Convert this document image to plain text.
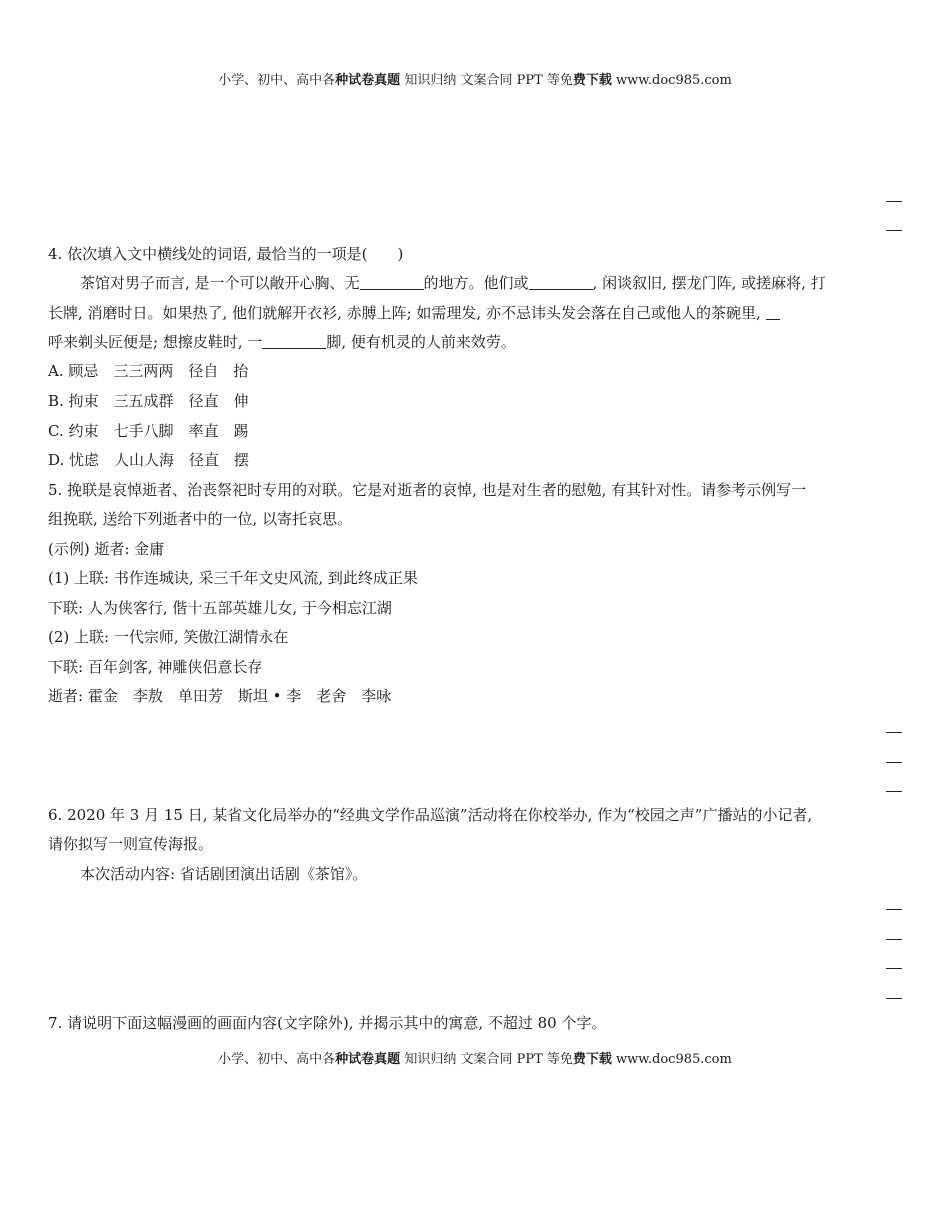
小学、初中、高中各种试卷真题 知识归纳 文案合同 PPT 等免费下载 www.doc985.com
4. 依次填入文中横线处的词语, 最恰当的一项是(　　)
茶馆对男子而言, 是一个可以敞开心胸、无	的地方。他们或	, 闲谈叙旧, 摆龙门阵, 或搓麻将, 打
长牌, 消磨时日。如果热了, 他们就解开衣衫, 赤膊上阵; 如需理发, 亦不忌讳头发会落在自己或他人的茶碗里,
呼来剃头匠便是; 想擦皮鞋时, 一	脚, 便有机灵的人前来效劳。
A. 顾忌　三三两两　径自　抬
B. 拘束　三五成群　径直　伸
C. 约束　七手八脚　率直　踢
D. 忧虑　人山人海　径直　摆
5. 挽联是哀悼逝者、治丧祭祀时专用的对联。它是对逝者的哀悼, 也是对生者的慰勉, 有其针对性。请参考示例写一
组挽联, 送给下列逝者中的一位, 以寄托哀思。
(示例) 逝者: 金庸
(1) 上联: 书作连城诀, 采三千年文史风流, 到此终成正果
下联: 人为侠客行, 偕十五部英雄儿女, 于今相忘江湖
(2) 上联: 一代宗师, 笑傲江湖情永在
下联: 百年剑客, 神雕侠侣意长存
逝者: 霍金　李敖　单田芳　斯坦 • 李　老舍　李咏
6. 2020 年 3 月 15 日, 某省文化局举办的“经典文学作品巡演”活动将在你校举办, 作为“校园之声”广播站的小记者,
请你拟写一则宣传海报。
本次活动内容: 省话剧团演出话剧《茶馆》。
7. 请说明下面这幅漫画的画面内容(文字除外), 并揭示其中的寓意, 不超过 80 个字。
小学、初中、高中各种试卷真题 知识归纳 文案合同 PPT 等免费下载 www.doc985.com
